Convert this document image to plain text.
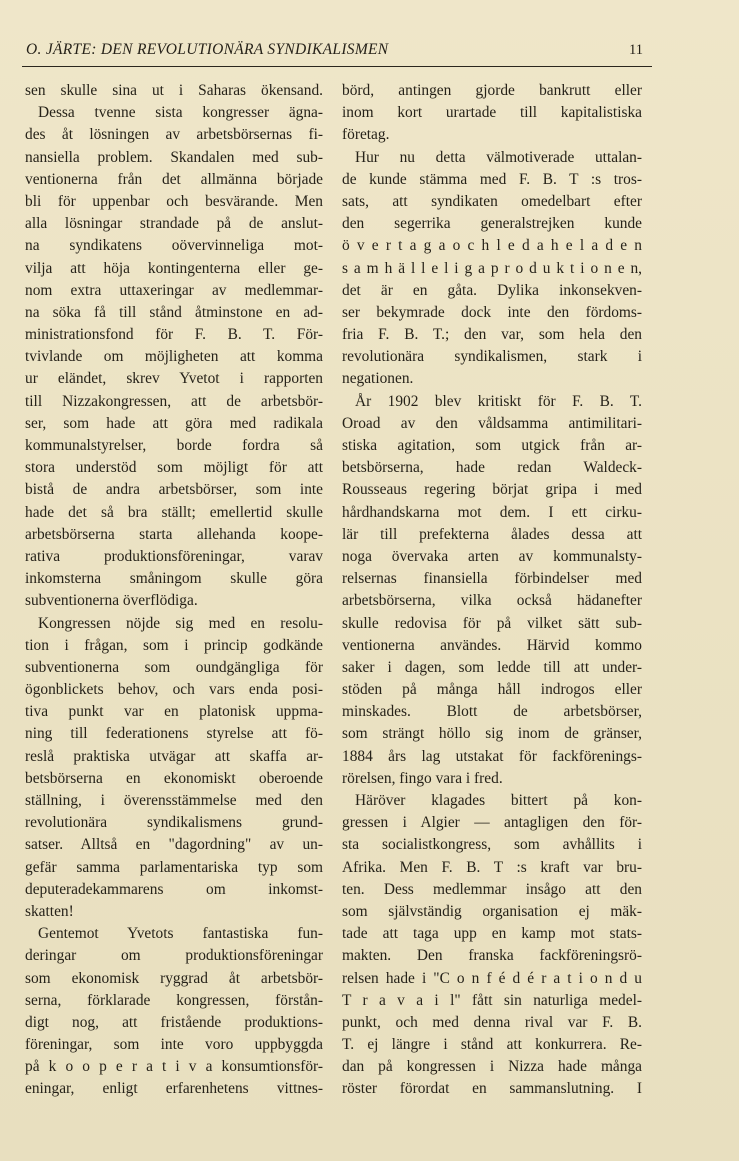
O. JÄRTE: DEN REVOLUTIONÄRA SYNDIKALISMEN	11
sen skulle sina ut i Saharas ökensand.
Dessa tvenne sista kongresser ägna-
des åt lösningen av arbetsbörsernas fi-
nansiella problem. Skandalen med sub-
ventionerna från det allmänna började
bli för uppenbar och besvärande. Men
alla lösningar strandade på de anslut-
na syndikatens oövervinneliga mot-
vilja att höja kontingenterna eller ge-
nom extra uttaxeringar av medlemmar-
na söka få till stånd åtminstone en ad-
ministrationsfond för F. B. T. För-
tvivlande om möjligheten att komma
ur eländet, skrev Yvetot i rapporten
till Nizzakongressen, att de arbetsbör-
ser, som hade att göra med radikala
kommunalstyrelser, borde fordra så
stora understöd som möjligt för att
bistå de andra arbetsbörser, som inte
hade det så bra ställt; emellertid skulle
arbetsbörserna starta allehanda koope-
rativa produktionsföreningar, varav
inkomsterna småningom skulle göra
subventionerna överflödiga.
Kongressen nöjde sig med en resolu-
tion i frågan, som i princip godkände
subventionerna som oundgängliga för
ögonblickets behov, och vars enda posi-
tiva punkt var en platonisk uppma-
ning till federationens styrelse att fö-
reslå praktiska utvägar att skaffa ar-
betsbörserna en ekonomiskt oberoende
ställning, i överensstämmelse med den
revolutionära syndikalismens grund-
satser. Alltså en "dagordning" av un-
gefär samma parlamentariska typ som
deputeradekammarens om inkomst-
skatten!
Gentemot Yvetots fantastiska fun-
deringar om produktionsföreningar
som ekonomisk ryggrad åt arbetsbör-
serna, förklarade kongressen, förstån-
digt nog, att fristående produktions-
föreningar, som inte voro uppbyggda
på k o o p e r a t i v a konsumtionsför-
eningar, enligt erfarenhetens vittnes-
börd, antingen gjorde bankrutt eller
inom kort urartade till kapitalistiska
företag.
Hur nu detta välmotiverade uttalan-
de kunde stämma med F. B. T :s tros-
sats, att syndikaten omedelbart efter
den segerrika generalstrejken kunde
ö v e r t a g a o c h l e d a h e l a d e n
s a m h ä l l e l i g a p r o d u k t i o n e n,
det är en gåta. Dylika inkonsekven-
ser bekymrade dock inte den fördoms-
fria F. B. T.; den var, som hela den
revolutionära syndikalismen, stark i
negationen.
År 1902 blev kritiskt för F. B. T.
Oroad av den våldsamma antimilitari-
stiska agitation, som utgick från ar-
betsbörserna, hade redan Waldeck-
Rousseaus regering börjat gripa i med
hårdhandskarna mot dem. I ett cirku-
lär till prefekterna ålades dessa att
noga övervaka arten av kommunalsty-
relsernas finansiella förbindelser med
arbetsbörserna, vilka också hädanefter
skulle redovisa för på vilket sätt sub-
ventionerna användes. Härvid kommo
saker i dagen, som ledde till att under-
stöden på många håll indrogos eller
minskades. Blott de arbetsbörser,
som strängt höllo sig inom de gränser,
1884 års lag utstakat för fackförenings-
rörelsen, fingo vara i fred.
Häröver klagades bittert på kon-
gressen i Algier — antagligen den för-
sta socialistkongress, som avhållits i
Afrika. Men F. B. T :s kraft var bru-
ten. Dess medlemmar insågo att den
som självständig organisation ej mäk-
tade att taga upp en kamp mot stats-
makten. Den franska fackföreningsrö-
relsen hade i "C o n f é d é r a t i o n d u
T r a v a i l" fått sin naturliga medel-
punkt, och med denna rival var F. B.
T. ej längre i stånd att konkurrera. Re-
dan på kongressen i Nizza hade många
röster förordat en sammanslutning. I
